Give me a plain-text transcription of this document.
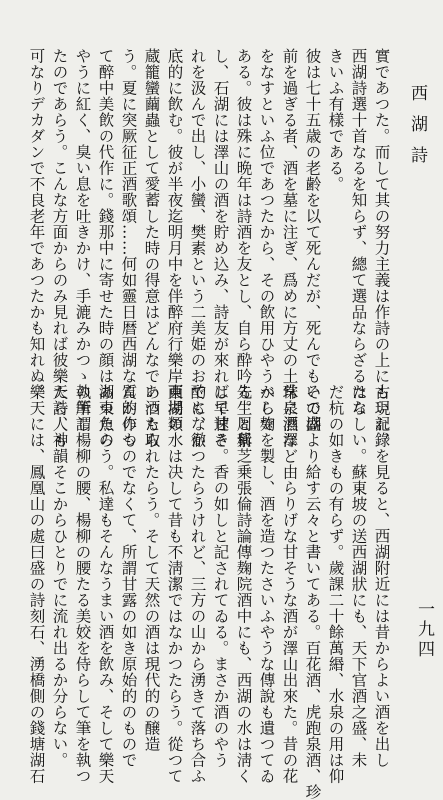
西湖詩
一九四
實であつた。而して其の努力主義は作詩の上にも現れ、
西湖詩選十首なるを知らず、總て選品ならざるはな
きいふ有樣である。
彼は七十五歳の老齢を以て死んだが、死んでもその盛
前を過ぎる者、酒を墓に注ぎ、爲めに方丈の土常に濕澤
をなすといふ位であつたから、その飲用ひやうべしで
ある。彼は殊に晩年は詩酒を友とし、自ら酔吟先生と稱
し、石湖には澤山の酒を貯め込み、詩友が來れば早速そ
れを汲んで出し、小蠻、樊素という二美姫のお酌に、徹
底的に飲む。彼が半夜迄明月中を伴醉府行樂岸東場類
蔵籠蠻繭蟲として愛蓄した時の得意はどんなであつたら
う。夏に突厥征正酒歌頌……何如靈日暦西湖なんか作つ
て醉中美飲の代作に。錢那中に寄せた時の顔は湖東魚の
やうに紅く、臭い息を吐きかけ、手漉みかつゝ執筆し
たのであらう。こんな方面からのみ見れば彼樂天詩人も
可なりデカダンで不良老年であつたかも知れぬ。
古い記錄を見ると、西湖附近には昔からよい酒を出し
たらしい。蘇東坡の送西湖狀にも、天下官酒之盛、未
だ杭の如きもの有らず。歲課二十餘萬緡、水泉の用は仰
いで湖より給す云々と書いてある。百花酒、虎跑泉酒、珍
珠泉酒など由らりげな甘そうな酒が澤山出來た。昔の花
から麹を製し、酒を造つたさいふやうな傳說も遺つてゐ
る。周紫芝乗張倫詩論傳麹院酒中にも、西湖の水は淸く
して甘さ。香の如しと記されてゐる。まさか酒のやう
でもなかつたらうけれど、三方の山から湧きて落ち合ふ
西湖の水は决して昔も不淸潔ではなかつたらう。從つて
い酒も取れたらう。そして天然の酒は現代的の醸造
質的のものでなくて、所謂甘露の如き原始的のもので
あつたらう。私達もそんなうまい酒を飲み、そして樂天
の所謂楊柳の腰、楊柳の腰たる美姣を侍らして筆を執つ
たら、神韻そこからひとりでに流れ出るか分らない。
樂天には、鳳凰山の處曰盛の詩刻石、湧橋側の錢塘湖石
